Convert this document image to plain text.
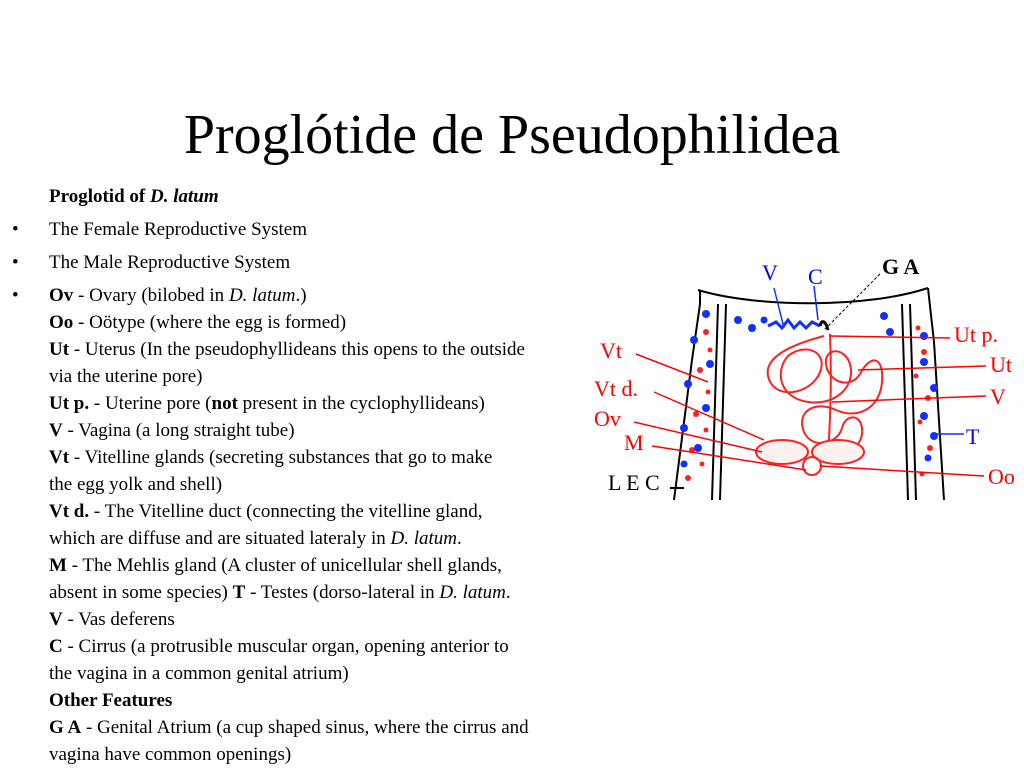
Proglótide de Pseudophilidea
Proglotid of D. latum
• The Female Reproductive System
• The Male Reproductive System
• Ov - Ovary (bilobed in D. latum.)
Oo - Oötype (where the egg is formed)
Ut - Uterus (In the pseudophyllideans this opens to the outside
via the uterine pore)
Ut p. - Uterine pore (not present in the cyclophyllideans)
V - Vagina (a long straight tube)
Vt - Vitelline glands (secreting substances that go to make
the egg yolk and shell)
Vt d. - The Vitelline duct (connecting the vitelline gland,
which are diffuse and are situated lateraly in D. latum.
M - The Mehlis gland (A cluster of unicellular shell glands,
absent in some species) T - Testes (dorso-lateral in D. latum.
V - Vas deferens
C - Cirrus (a protrusible muscular organ, opening anterior to
the vagina in a common genital atrium)
Other Features
G A - Genital Atrium (a cup shaped sinus, where the cirrus and
vagina have common openings)
V C	G A
Ut p.
Ut
V
T
Oo
Vt
Vt d.
Ov
M
L E C
